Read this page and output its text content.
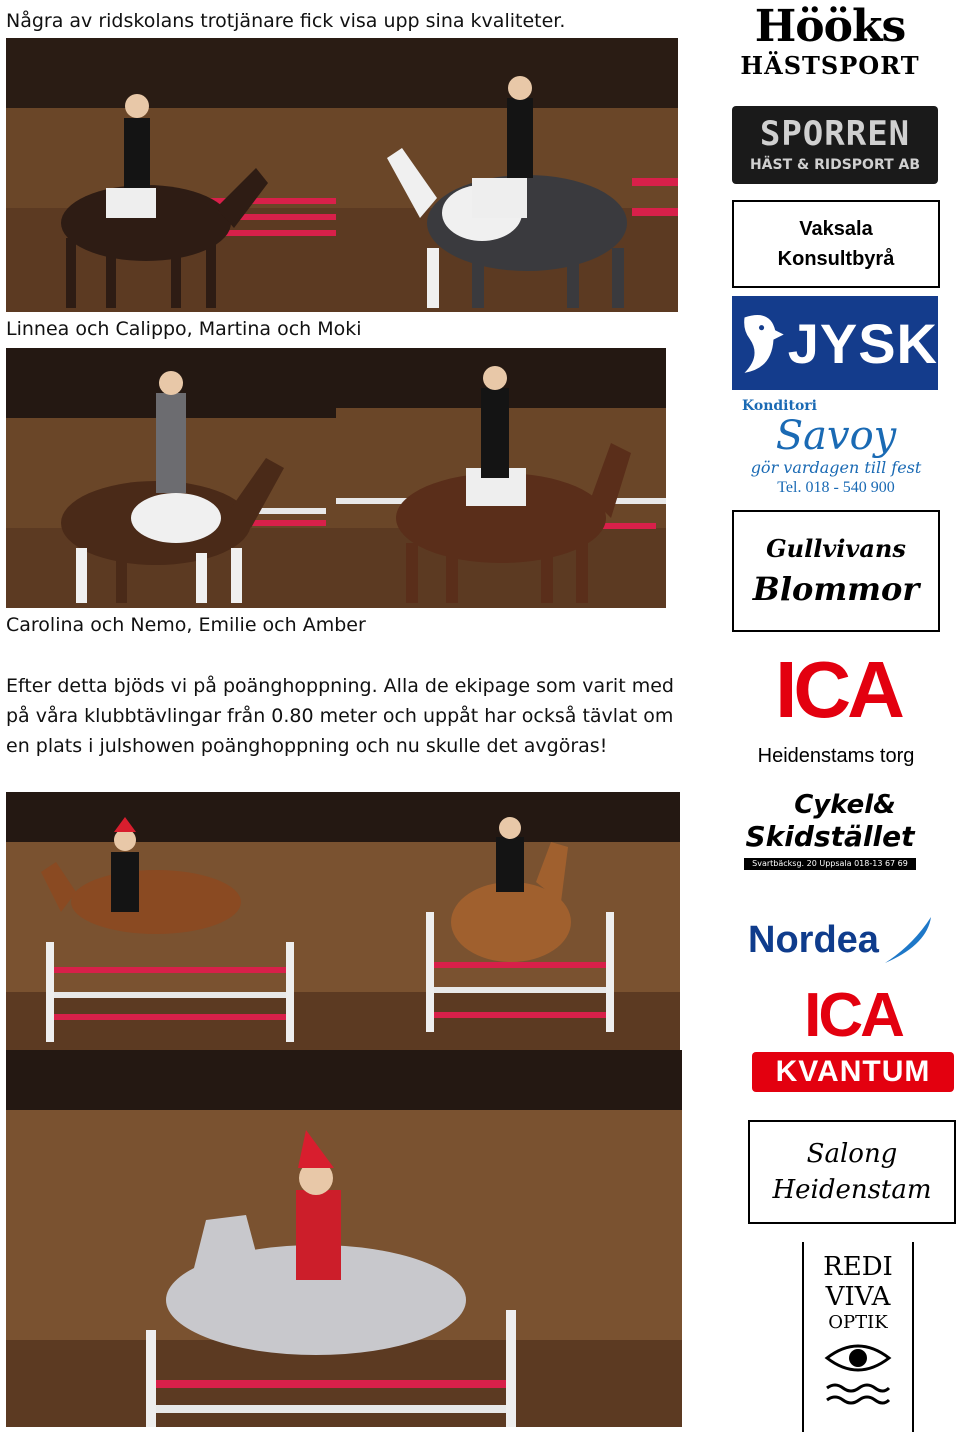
Några av ridskolans trotjänare fick visa upp sina kvaliteter.

Linnea och Calippo, Martina och Moki

Carolina och Nemo, Emilie och Amber

Efter detta bjöds vi på poänghoppning. Alla de ekipage som varit med på våra klubbtävlingar från 0.80 meter och uppåt har också tävlat om en plats i julshowen poänghoppning och nu skulle det avgöras!

Hööks
HÄSTSPORT
SPORREN
HÄST & RIDSPORT AB
Vaksala
Konsultbyrå
JYSK
Konditori
Savoy
gör vardagen till fest
Tel. 018 - 540 900
Gullvivans
Blommor
ICA
Heidenstams torg
Cykel&
Skidstället
Svartbäcksg. 20 Uppsala 018-13 67 69
Nordea
ICA
KVANTUM
Salong
Heidenstam
REDI
VIVA
OPTIK
